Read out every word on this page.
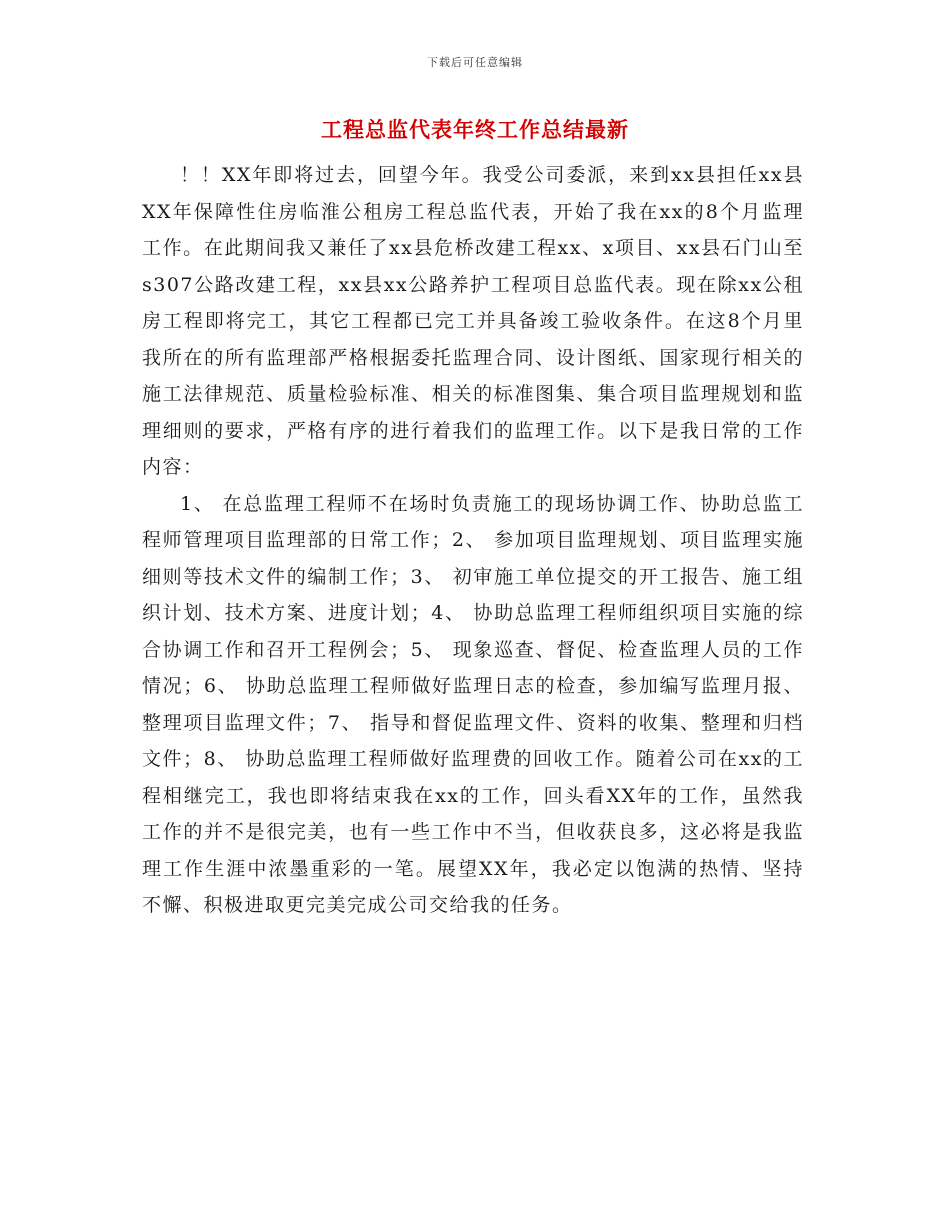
下载后可任意编辑
工程总监代表年终工作总结最新

！！XX年即将过去，回望今年。我受公司委派，来到xx县担任xx县XX年保障性住房临淮公租房工程总监代表，开始了我在xx的8个月监理工作。在此期间我又兼任了xx县危桥改建工程xx、x项目、xx县石门山至s307公路改建工程，xx县xx公路养护工程项目总监代表。现在除xx公租房工程即将完工，其它工程都已完工并具备竣工验收条件。在这8个月里我所在的所有监理部严格根据委托监理合同、设计图纸、国家现行相关的施工法律规范、质量检验标准、相关的标准图集、集合项目监理规划和监理细则的要求，严格有序的进行着我们的监理工作。以下是我日常的工作内容：

1、 在总监理工程师不在场时负责施工的现场协调工作、协助总监工程师管理项目监理部的日常工作；2、 参加项目监理规划、项目监理实施细则等技术文件的编制工作；3、 初审施工单位提交的开工报告、施工组织计划、技术方案、进度计划；4、 协助总监理工程师组织项目实施的综合协调工作和召开工程例会；5、 现象巡查、督促、检查监理人员的工作情况；6、 协助总监理工程师做好监理日志的检查，参加编写监理月报、整理项目监理文件；7、 指导和督促监理文件、资料的收集、整理和归档文件；8、 协助总监理工程师做好监理费的回收工作。随着公司在xx的工程相继完工，我也即将结束我在xx的工作，回头看XX年的工作，虽然我工作的并不是很完美，也有一些工作中不当，但收获良多，这必将是我监理工作生涯中浓墨重彩的一笔。展望XX年，我必定以饱满的热情、坚持不懈、积极进取更完美完成公司交给我的任务。
